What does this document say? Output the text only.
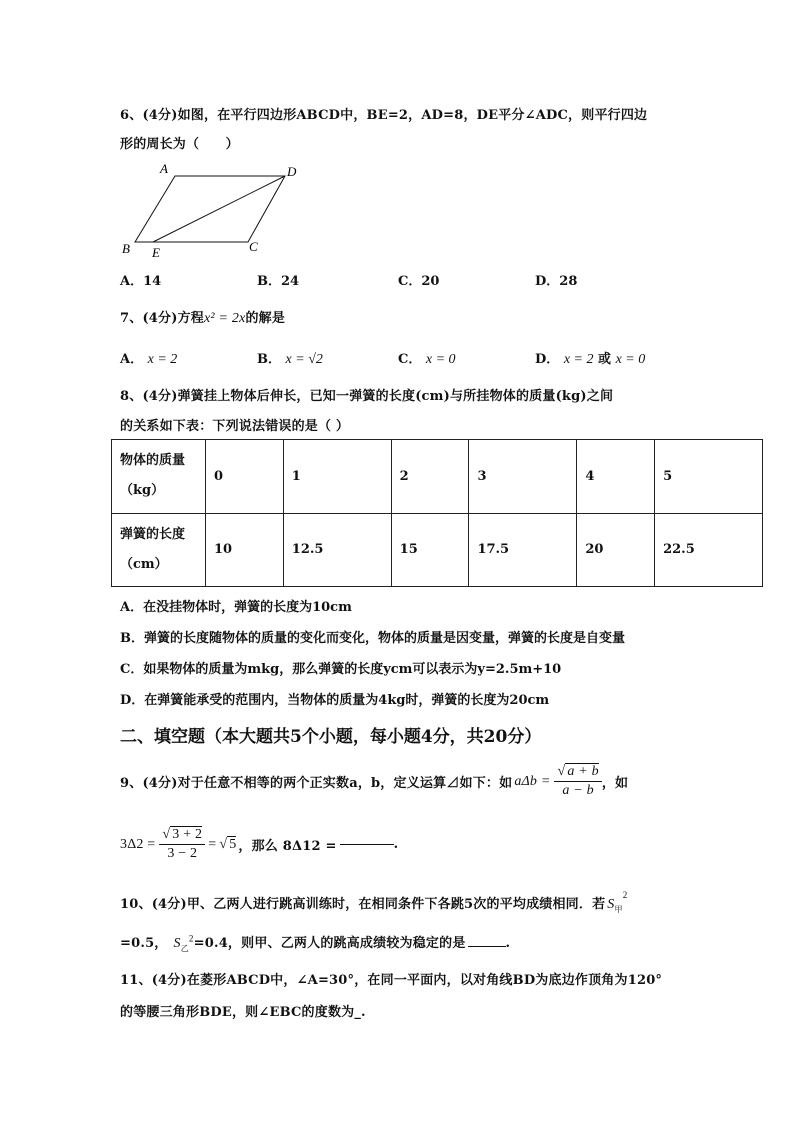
6、(4分)如图，在平行四边形ABCD中，BE=2，AD=8，DE平分∠ADC，则平行四边
形的周长为（　　）
A	D
B E	C
A．14	B．24	C．20	D．28
7、(4分)方程x² = 2x的解是
A． x = 2	B． x = √2	C． x = 0	D． x = 2 或 x = 0
8、(4分)弹簧挂上物体后伸长，已知一弹簧的长度(cm)与所挂物体的质量(kg)之间
的关系如下表：下列说法错误的是（ ）
物体的质量
（kg）	0	1	2	3	4	5

弹簧的长度
（cm）	10	12.5	15	17.5	20	22.5
A．在没挂物体时，弹簧的长度为10cm
B．弹簧的长度随物体的质量的变化而变化，物体的质量是因变量，弹簧的长度是自变量
C．如果物体的质量为mkg，那么弹簧的长度ycm可以表示为y=2.5m+10
D．在弹簧能承受的范围内，当物体的质量为4kg时，弹簧的长度为20cm
二、填空题（本大题共5个小题，每小题4分，共20分）
9、(4分)对于任意不相等的两个正实数a，b，定义运算⊿如下：如 $a\Delta b = \frac{√ a + b}{a - b}$ ，如
$3\Delta 2 = \frac{√ 3 + 2}{3 - 2}$ = √ 5 ，那么 8Δ12 =	.
10、(4分)甲、乙两人进行跳高训练时，在相同条件下各跳5次的平均成绩相同．若 $S_甲^2$
=0.5， $S_乙^2=0.4$，则甲、乙两人的跳高成绩较为稳定的是	.
11、(4分)在菱形ABCD中，∠A=30°，在同一平面内，以对角线BD为底边作顶角为120°
的等腰三角形BDE，则∠EBC的度数为_.
